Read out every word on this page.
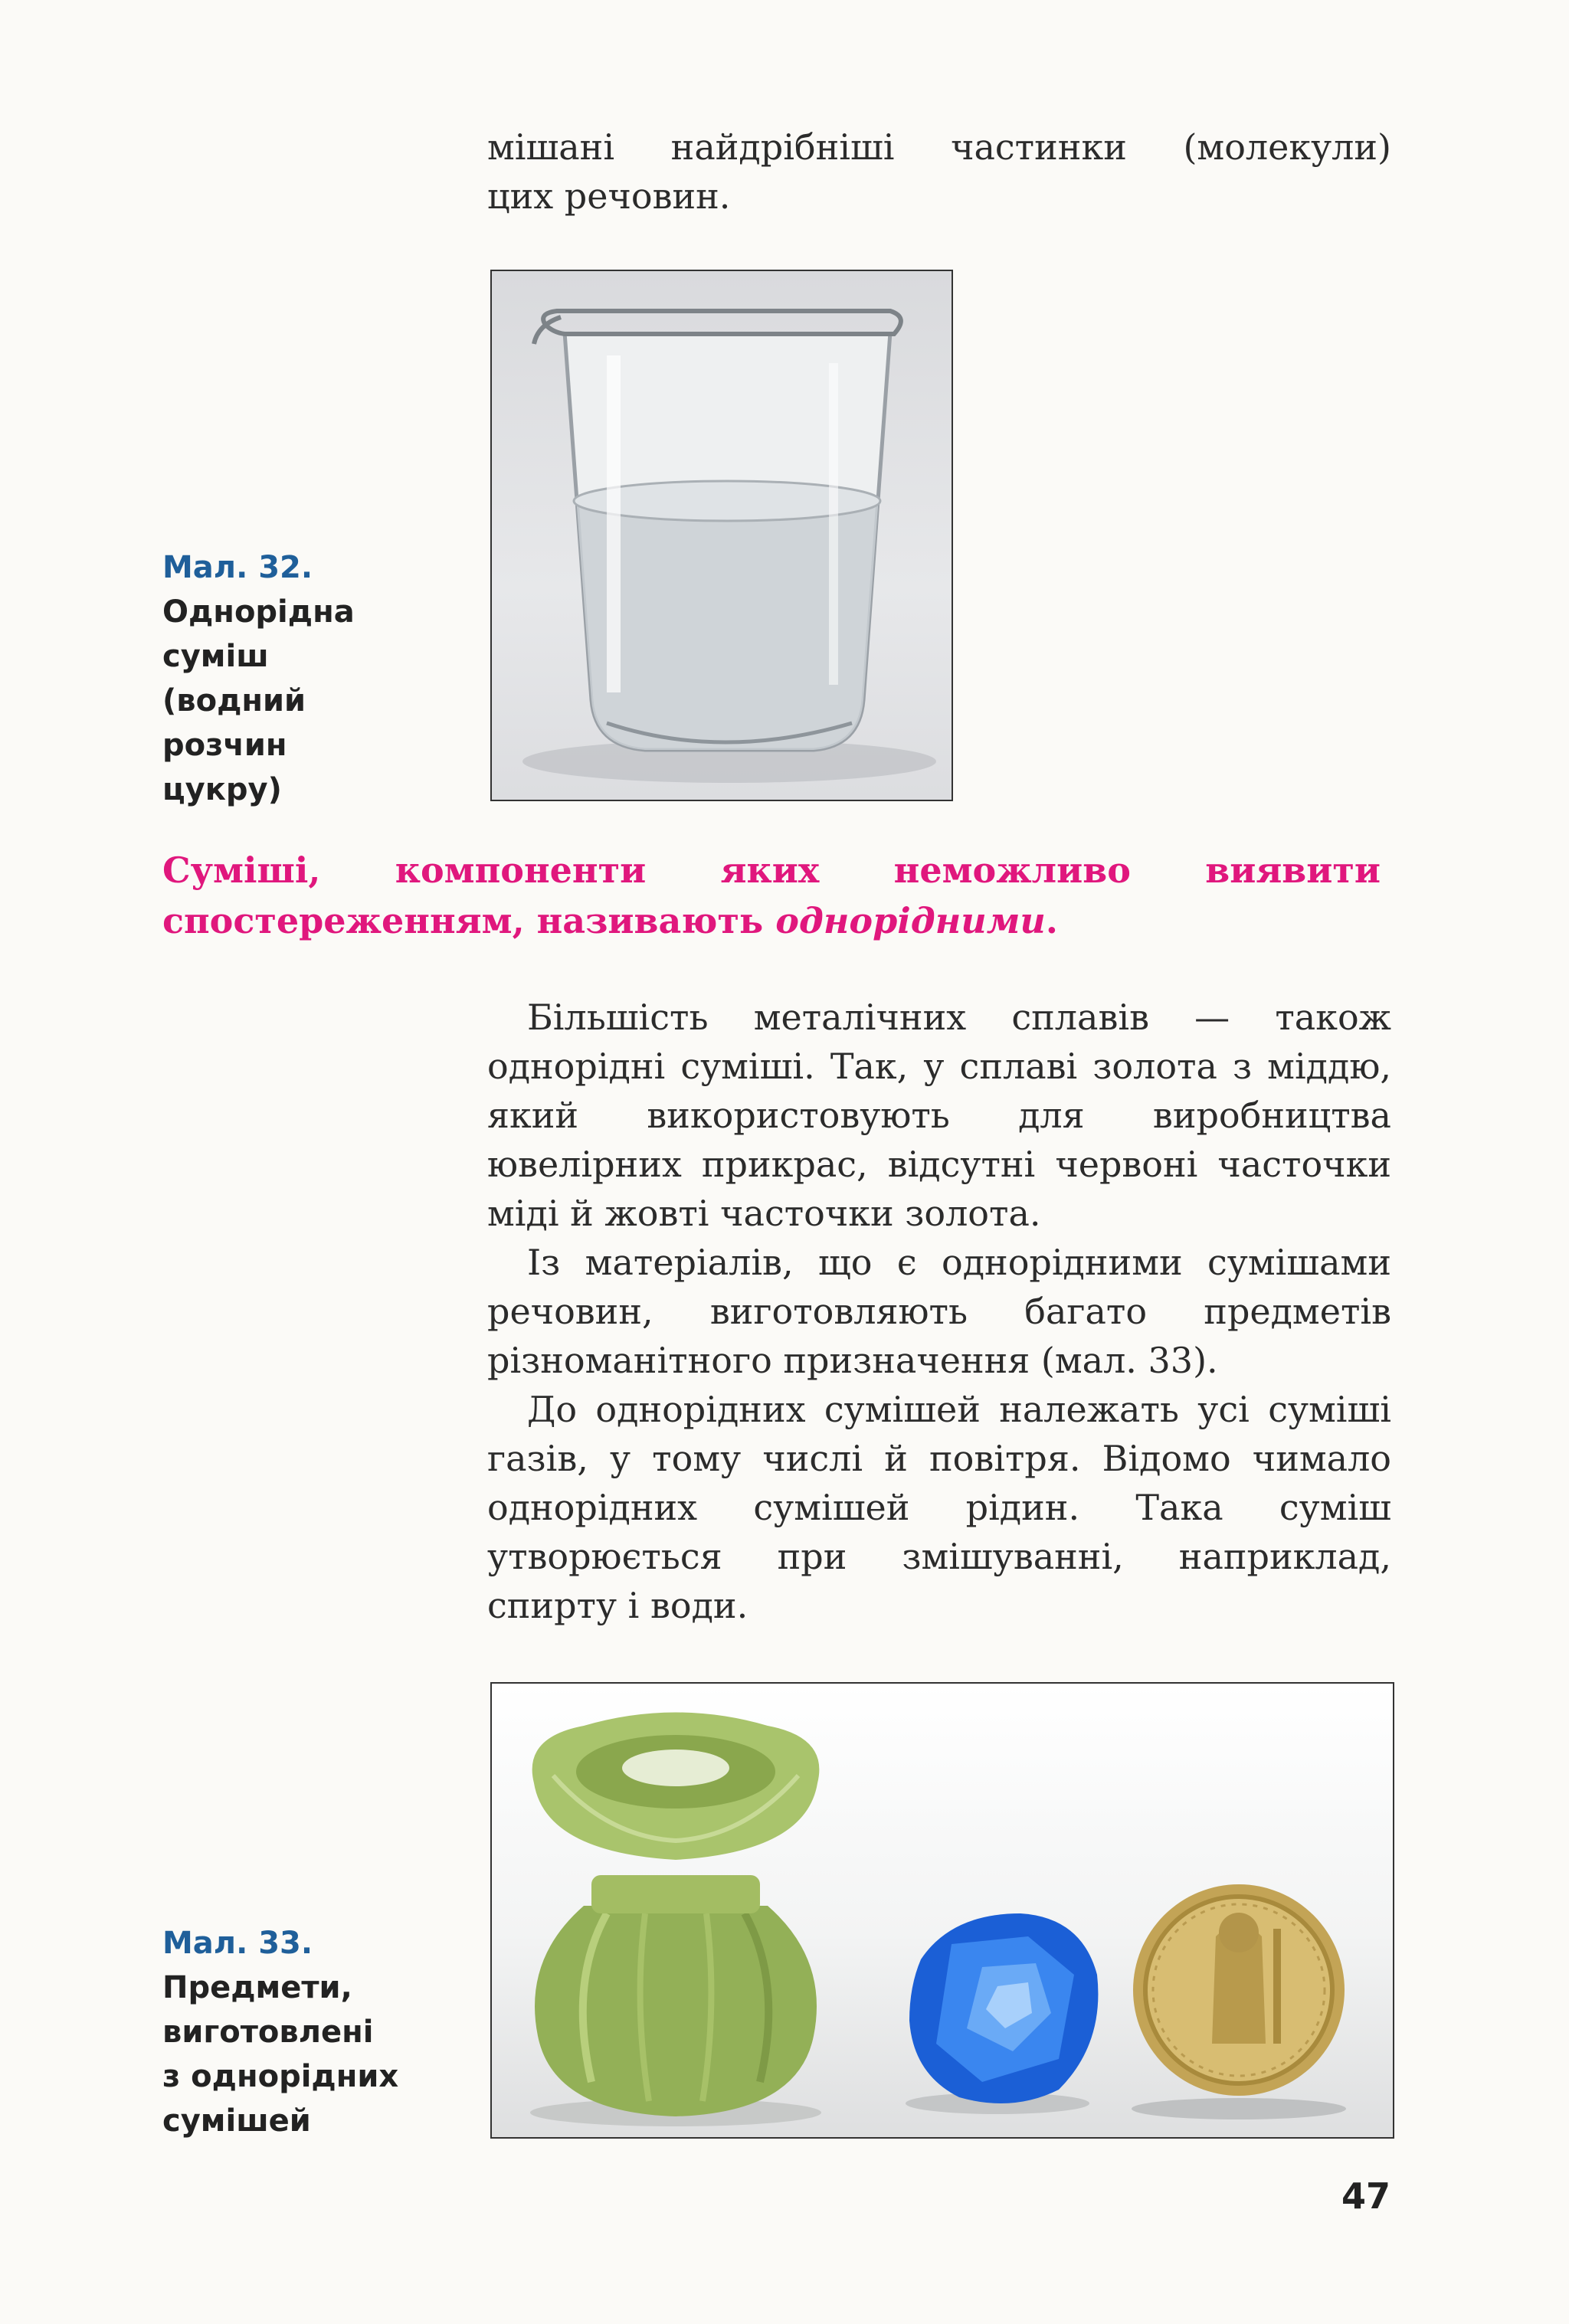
мішані найдрібніші частинки (молекули)

цих речовин.

Мал. 32.
Однорідна
суміш
(водний
розчин
цукру)
Суміші, компоненти яких неможливо виявити спостереженням, називають однорідними.

Більшість металічних сплавів — також однорідні суміші. Так, у сплаві золота з міддю, який використовують для виробництва ювелірних прикрас, відсутні червоні часточки міді й жовті часточки золота.

Із матеріалів, що є однорідними сумішами речовин, виготовляють багато предметів різноманітного призначення (мал. 33).

До однорідних сумішей належать усі суміші газів, у тому числі й повітря. Відомо чимало однорідних сумішей рідин. Така суміш утворюється при змішуванні, наприклад, спирту і води.

Мал. 33.
Предмети,
виготовлені
з однорідних
сумішей
47
